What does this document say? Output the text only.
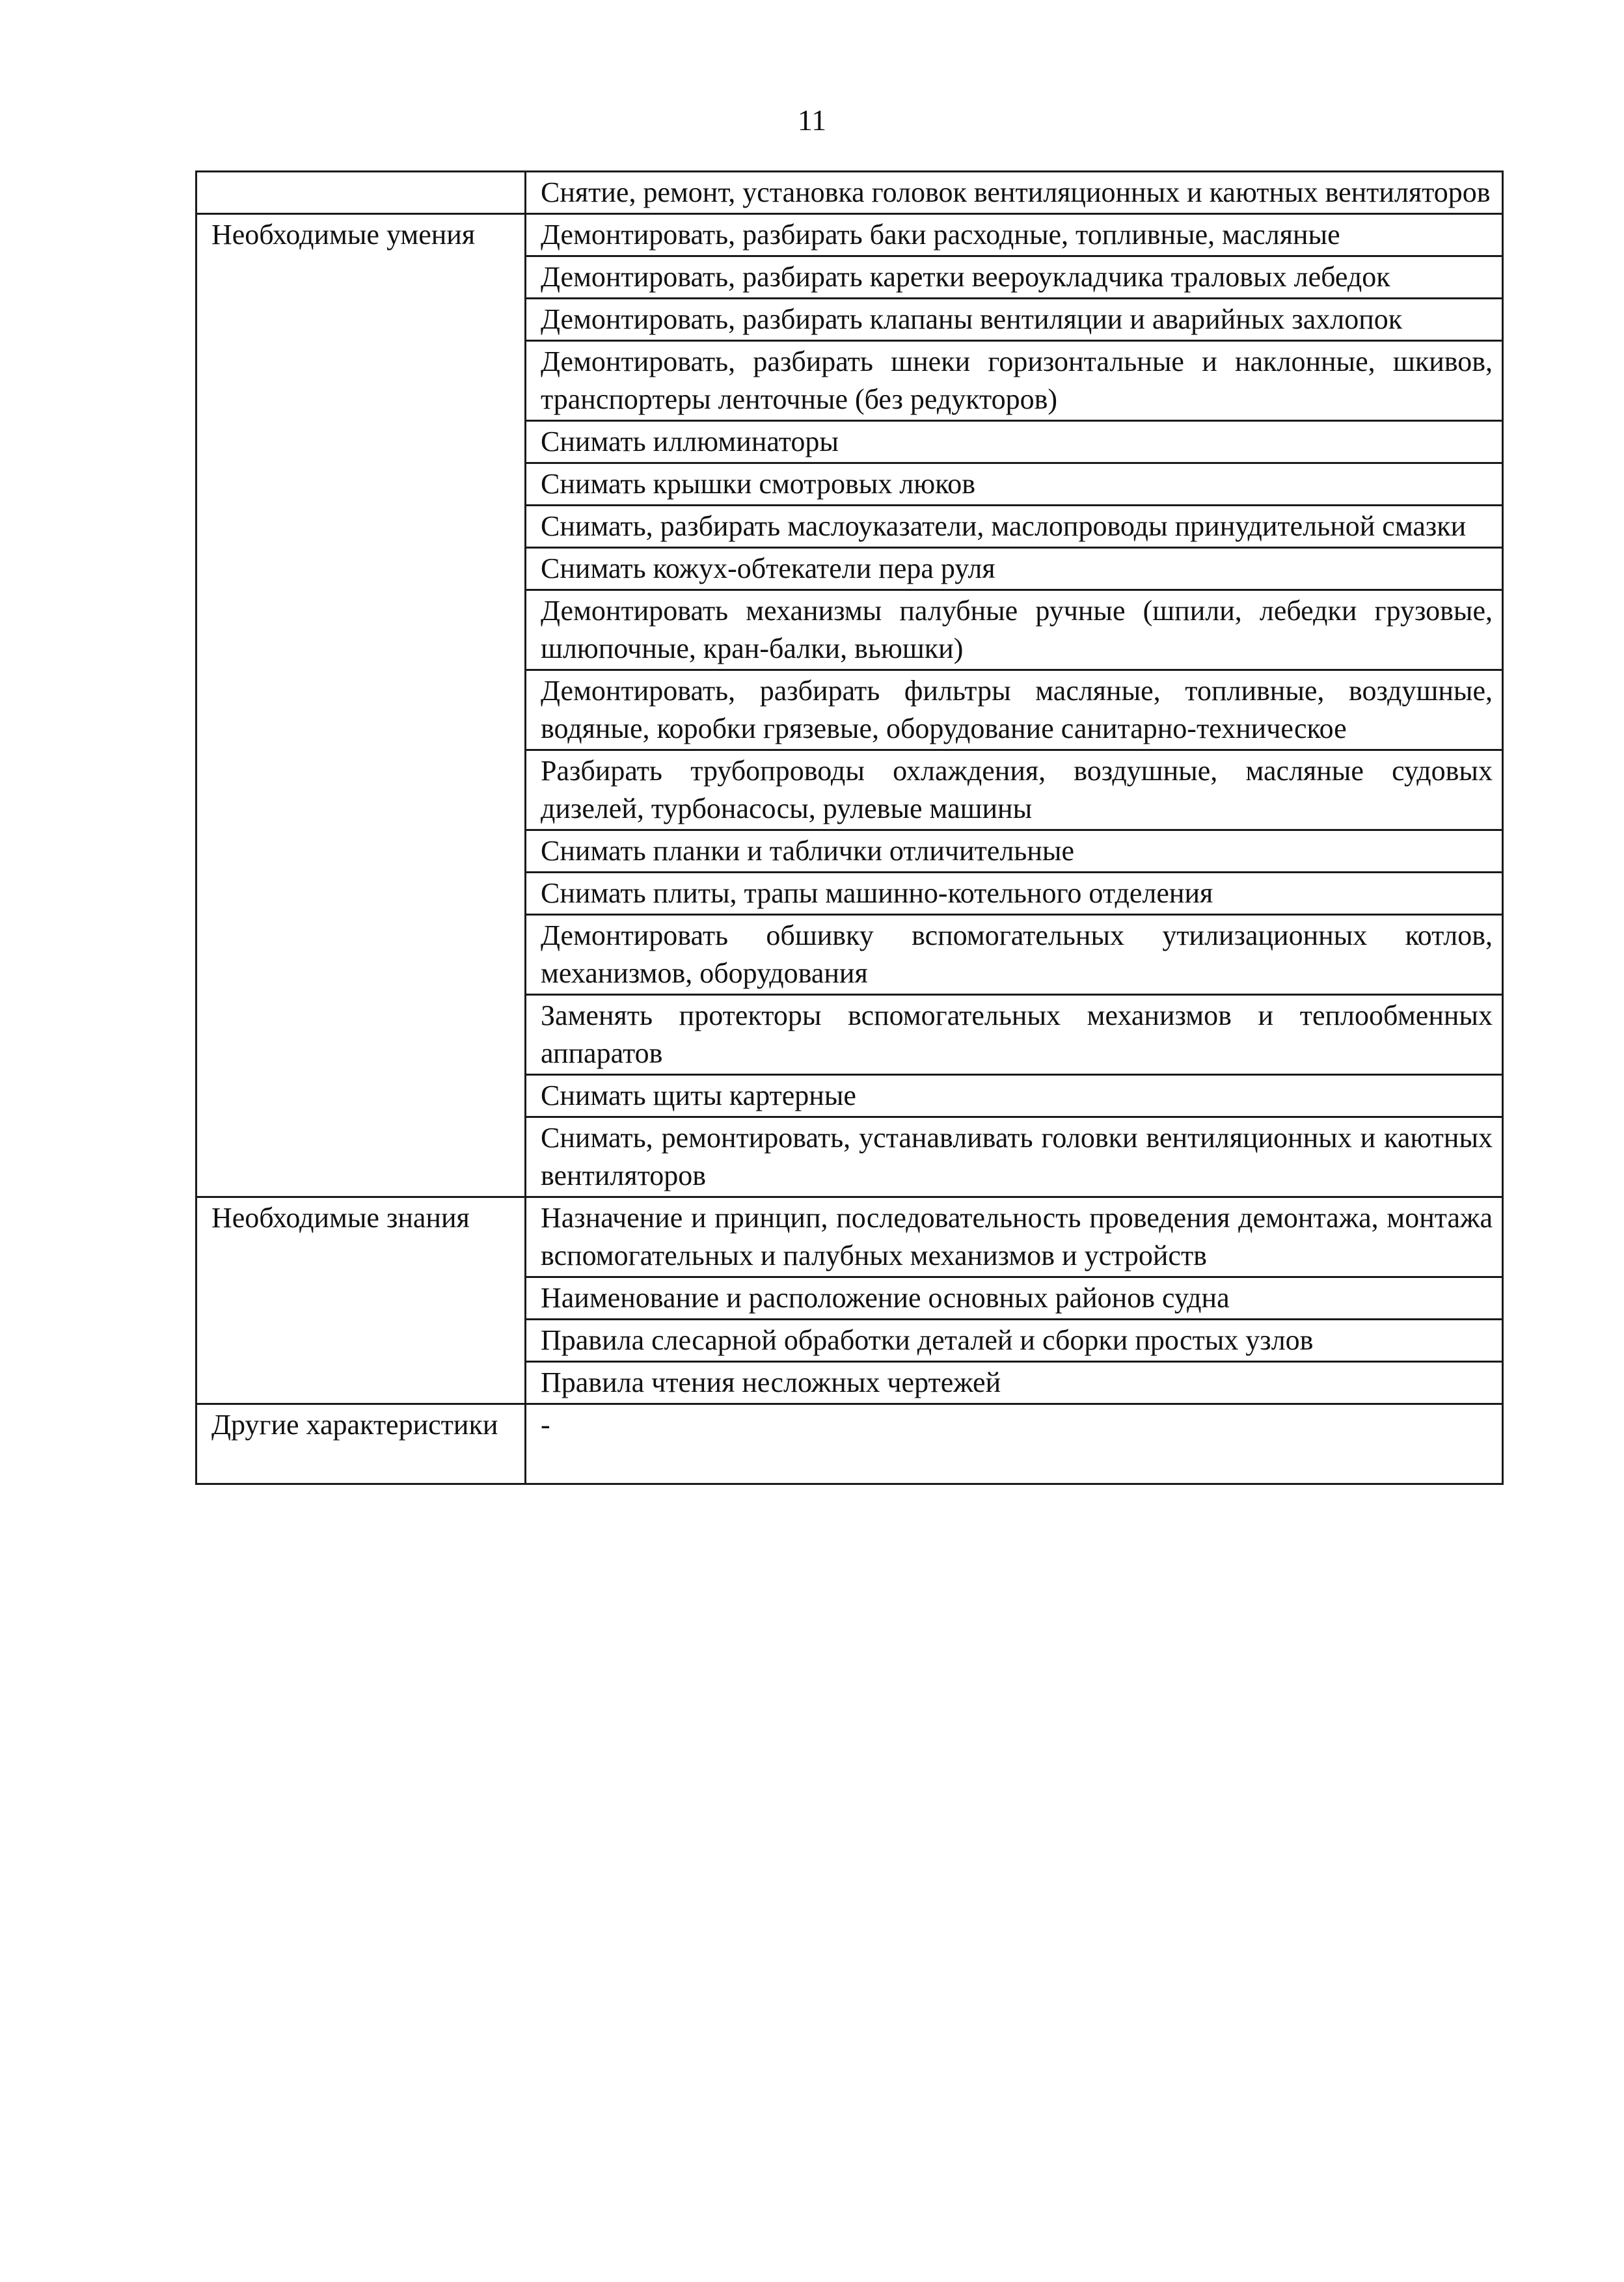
11
	Снятие, ремонт, установка головок вентиляционных и каютных вентиляторов
Необходимые умения	Демонтировать, разбирать баки расходные, топливные, масляные
	Демонтировать, разбирать каретки веероукладчика траловых лебедок
	Демонтировать, разбирать клапаны вентиляции и аварийных захлопок
	Демонтировать, разбирать шнеки горизонтальные и наклонные, шкивов, транспортеры ленточные (без редукторов)
	Снимать иллюминаторы
	Снимать крышки смотровых люков
	Снимать, разбирать маслоуказатели, маслопроводы принудительной смазки
	Снимать кожух-обтекатели пера руля
	Демонтировать механизмы палубные ручные (шпили, лебедки грузовые, шлюпочные, кран-балки, вьюшки)
	Демонтировать, разбирать фильтры масляные, топливные, воздушные, водяные, коробки грязевые, оборудование санитарно-техническое
	Разбирать трубопроводы охлаждения, воздушные, масляные судовых дизелей, турбонасосы, рулевые машины
	Снимать планки и таблички отличительные
	Снимать плиты, трапы машинно-котельного отделения
	Демонтировать обшивку вспомогательных утилизационных котлов, механизмов, оборудования
	Заменять протекторы вспомогательных механизмов и теплообменных аппаратов
	Снимать щиты картерные
	Снимать, ремонтировать, устанавливать головки вентиляционных и каютных вентиляторов
Необходимые знания	Назначение и принцип, последовательность проведения демонтажа, монтажа вспомогательных и палубных механизмов и устройств
	Наименование и расположение основных районов судна
	Правила слесарной обработки деталей и сборки простых узлов
	Правила чтения несложных чертежей
Другие характеристики	-
